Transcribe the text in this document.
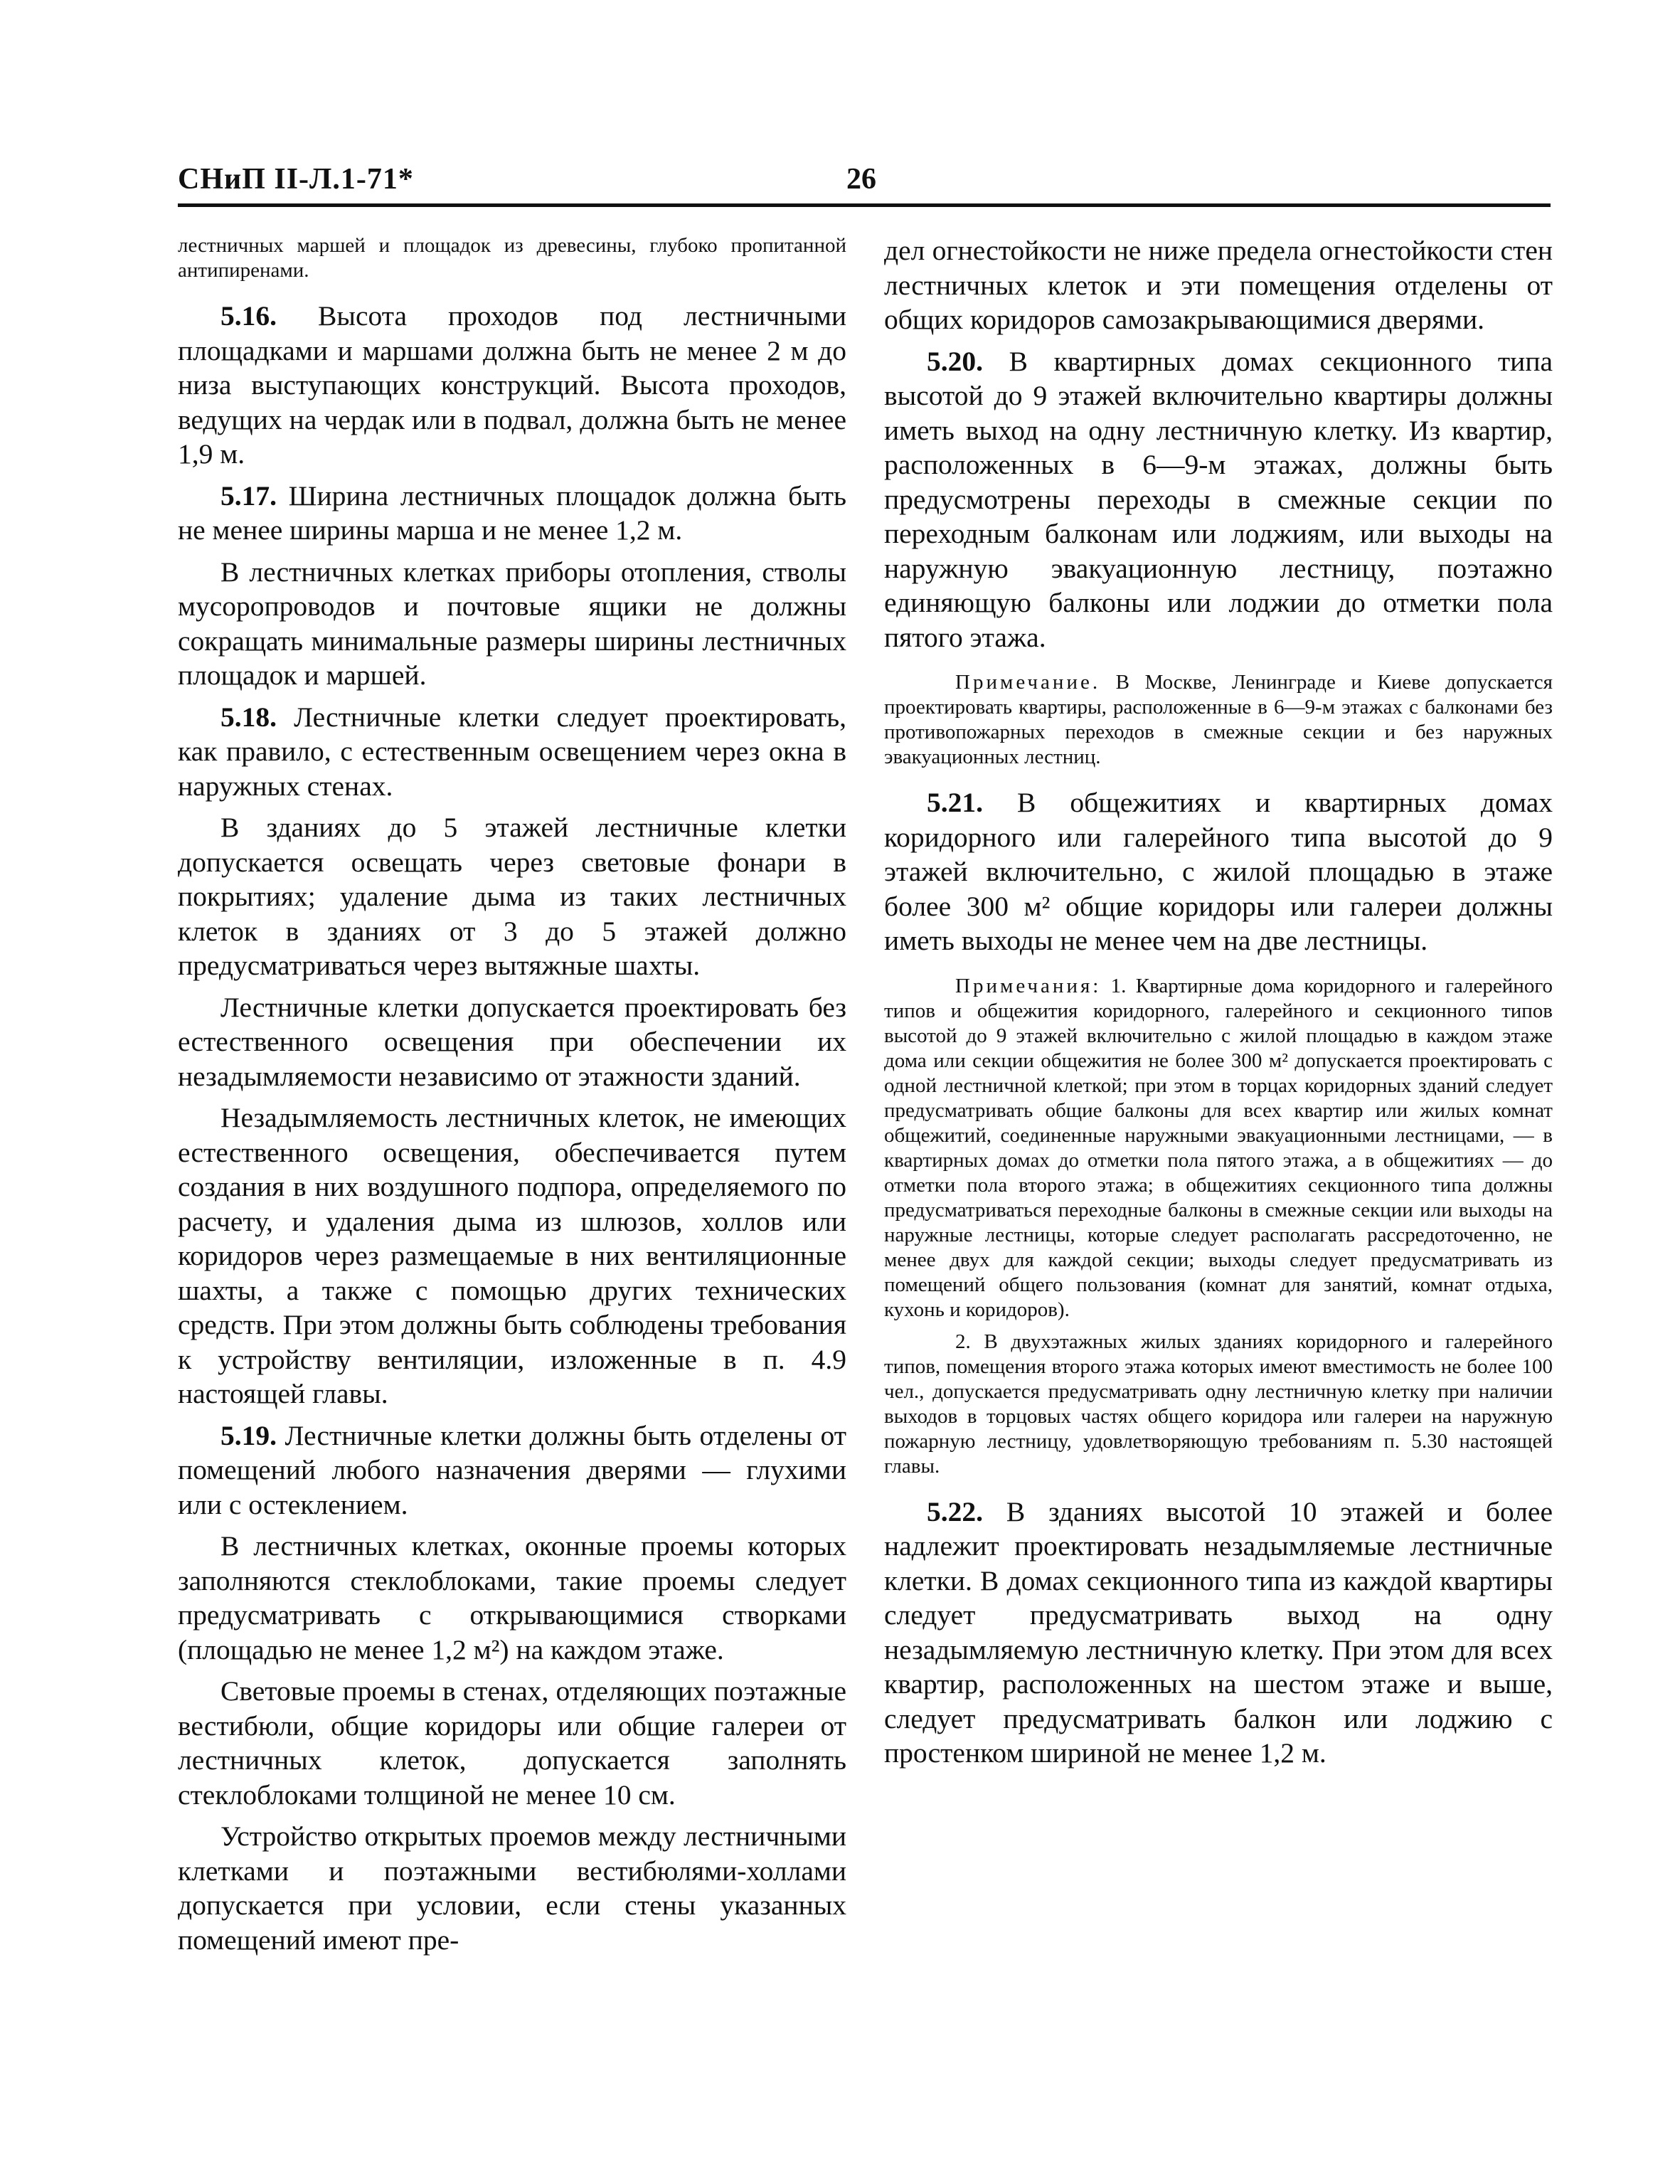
СНиП II-Л.1-71*	26

лестничных маршей и площадок из древесины, глубоко пропитанной антипиренами.

5.16. Высота проходов под лестничными площадками и маршами должна быть не менее 2 м до низа выступающих конструкций. Высота проходов, ведущих на чердак или в подвал, должна быть не менее 1,9 м.

5.17. Ширина лестничных площадок должна быть не менее ширины марша и не менее 1,2 м.

В лестничных клетках приборы отопления, стволы мусоропроводов и почтовые ящики не должны сокращать минимальные размеры ширины лестничных площадок и маршей.

5.18. Лестничные клетки следует проектировать, как правило, с естественным освещением через окна в наружных стенах.

В зданиях до 5 этажей лестничные клетки допускается освещать через световые фонари в покрытиях; удаление дыма из таких лестничных клеток в зданиях от 3 до 5 этажей должно предусматриваться через вытяжные шахты.

Лестничные клетки допускается проектировать без естественного освещения при обеспечении их незадымляемости независимо от этажности зданий.

Незадымляемость лестничных клеток, не имеющих естественного освещения, обеспечивается путем создания в них воздушного подпора, определяемого по расчету, и удаления дыма из шлюзов, холлов или коридоров через размещаемые в них вентиляционные шахты, а также с помощью других технических средств. При этом должны быть соблюдены требования к устройству вентиляции, изложенные в п. 4.9 настоящей главы.

5.19. Лестничные клетки должны быть отделены от помещений любого назначения дверями — глухими или с остеклением.

В лестничных клетках, оконные проемы которых заполняются стеклоблоками, такие проемы следует предусматривать с открывающимися створками (площадью не менее 1,2 м²) на каждом этаже.

Световые проемы в стенах, отделяющих поэтажные вестибюли, общие коридоры или общие галереи от лестничных клеток, допускается заполнять стеклоблоками толщиной не менее 10 см.

Устройство открытых проемов между лестничными клетками и поэтажными вестибюлями-холлами допускается при условии, если стены указанных помещений имеют пре-

дел огнестойкости не ниже предела огнестойкости стен лестничных клеток и эти помещения отделены от общих коридоров самозакрывающимися дверями.

5.20. В квартирных домах секционного типа высотой до 9 этажей включительно квартиры должны иметь выход на одну лестничную клетку. Из квартир, расположенных в 6—9-м этажах, должны быть предусмотрены переходы в смежные секции по переходным балконам или лоджиям, или выходы на наружную эвакуационную лестницу, поэтажно единяющую балконы или лоджии до отметки пола пятого этажа.

Примечание. В Москве, Ленинграде и Киеве допускается проектировать квартиры, расположенные в 6—9-м этажах с балконами без противопожарных переходов в смежные секции и без наружных эвакуационных лестниц.

5.21. В общежитиях и квартирных домах коридорного или галерейного типа высотой до 9 этажей включительно, с жилой площадью в этаже более 300 м² общие коридоры или галереи должны иметь выходы не менее чем на две лестницы.

Примечания: 1. Квартирные дома коридорного и галерейного типов и общежития коридорного, галерейного и секционного типов высотой до 9 этажей включительно с жилой площадью в каждом этаже дома или секции общежития не более 300 м² допускается проектировать с одной лестничной клеткой; при этом в торцах коридорных зданий следует предусматривать общие балконы для всех квартир или жилых комнат общежитий, соединенные наружными эвакуационными лестницами, — в квартирных домах до отметки пола пятого этажа, а в общежитиях — до отметки пола второго этажа; в общежитиях секционного типа должны предусматриваться переходные балконы в смежные секции или выходы на наружные лестницы, которые следует располагать рассредоточенно, не менее двух для каждой секции; выходы следует предусматривать из помещений общего пользования (комнат для занятий, комнат отдыха, кухонь и коридоров).

2. В двухэтажных жилых зданиях коридорного и галерейного типов, помещения второго этажа которых имеют вместимость не более 100 чел., допускается предусматривать одну лестничную клетку при наличии выходов в торцовых частях общего коридора или галереи на наружную пожарную лестницу, удовлетворяющую требованиям п. 5.30 настоящей главы.

5.22. В зданиях высотой 10 этажей и более надлежит проектировать незадымляемые лестничные клетки. В домах секционного типа из каждой квартиры следует предусматривать выход на одну незадымляемую лестничную клетку. При этом для всех квартир, расположенных на шестом этаже и выше, следует предусматривать балкон или лоджию с простенком шириной не менее 1,2 м.
